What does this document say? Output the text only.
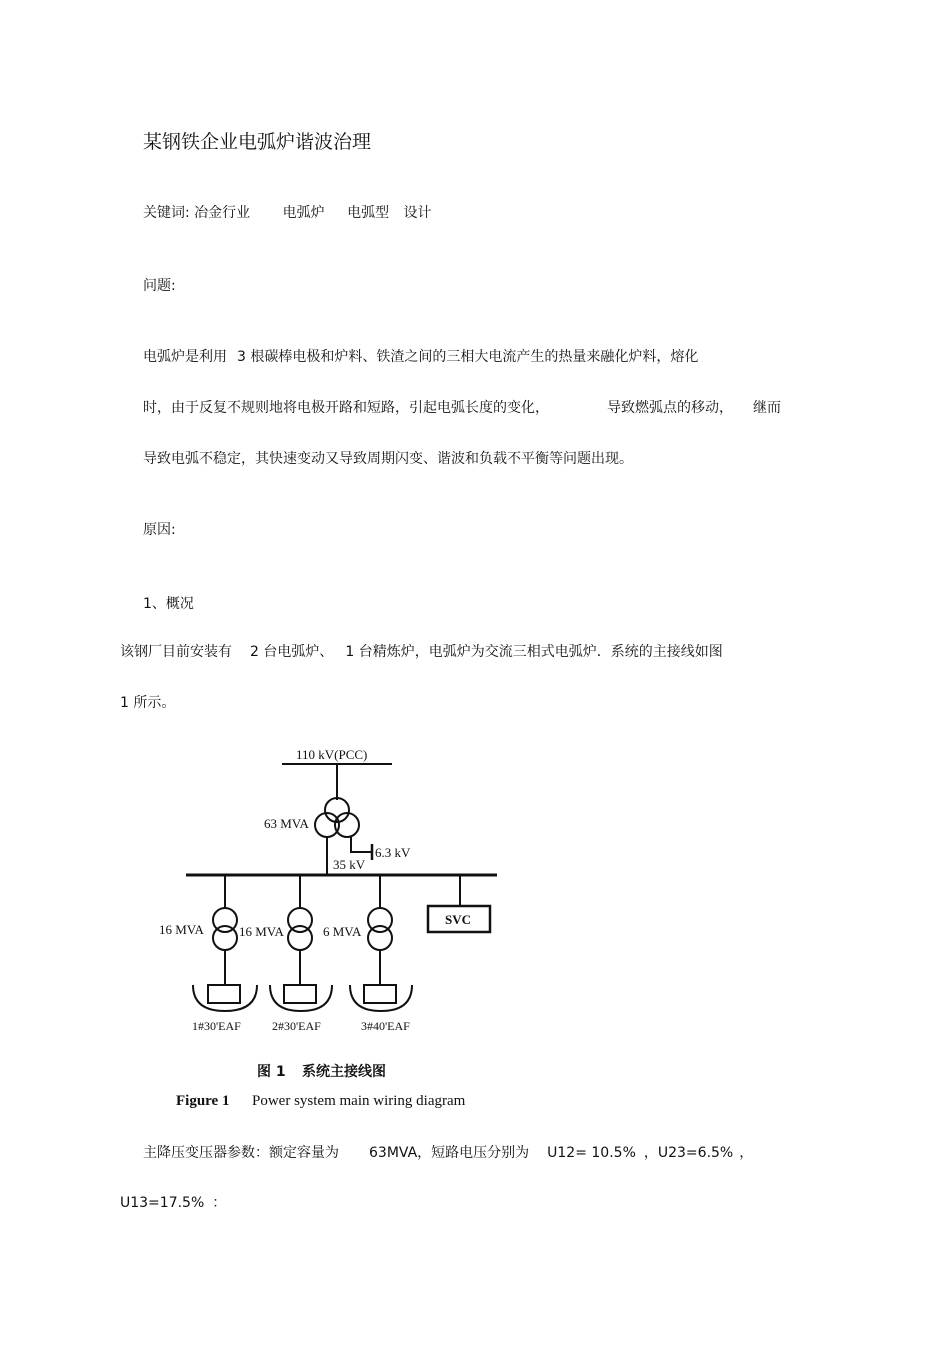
某钢铁企业电弧炉谐波治理
关键词: 冶金行业 电弧炉 电弧型 设计
问题:
电弧炉是利用 3 根碳棒电极和炉料、铁渣之间的三相大电流产生的热量来融化炉料，熔化
时，由于反复不规则地将电极开路和短路，引起电弧长度的变化，	导致燃弧点的移动， 继而
导致电弧不稳定，其快速变动又导致周期闪变、谐波和负载不平衡等问题出现。
原因:
1、概况
该钢厂目前安装有 2 台电弧炉、 1 台精炼炉，电弧炉为交流三相式电弧炉．系统的主接线如图
1 所示。
110 kV(PCC)
63 MVA
6.3 kV
35 kV
SVC
16 MVA	16 MVA	6 MVA
1#30'EAF	2#30'EAF	3#40'EAF
图 1 系统主接线图
Figure 1 Power system main wiring diagram
主降压变压器参数：额定容量为 63MVA，短路电压分别为 U12= 10.5% ，U23=6.5% ，
U13=17.5% ：
